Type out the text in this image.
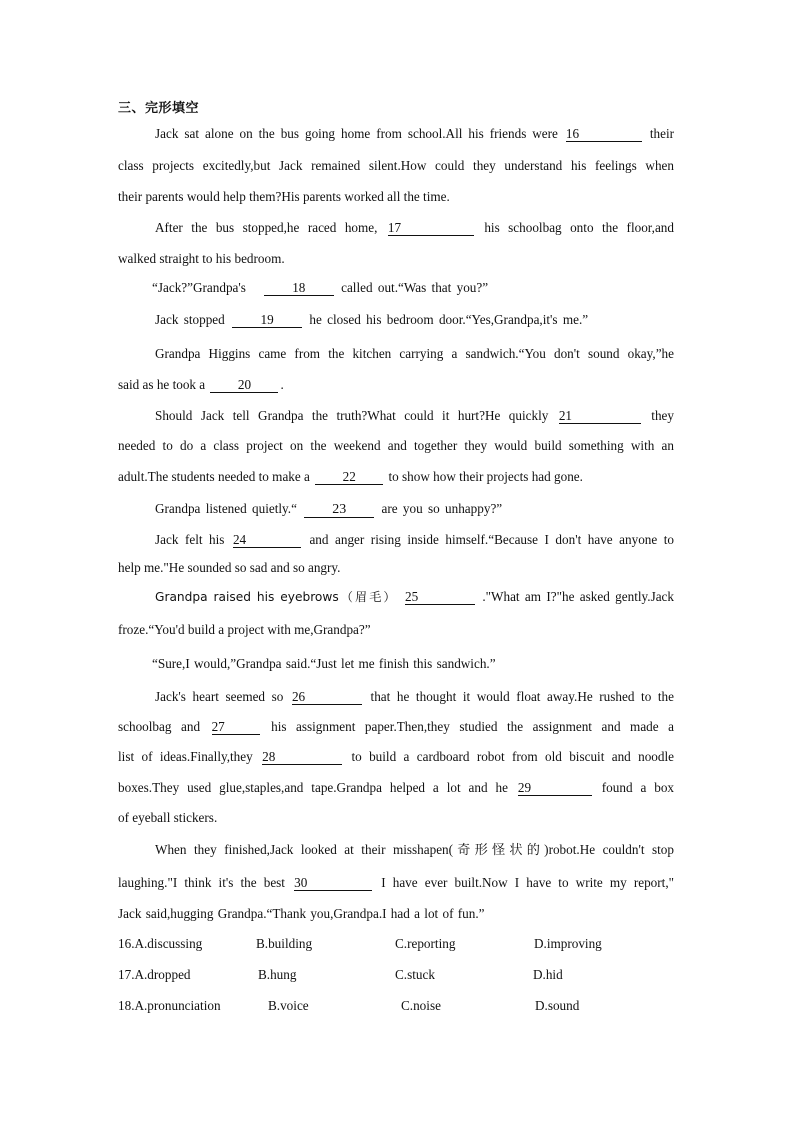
三、完形填空
Jack sat alone on the bus going home from school.All his friends were 16	their
class projects excitedly,but Jack remained silent.How could they understand his feelings when
their parents would help them?His parents worked all the time.
After the bus stopped,he raced home, 17	his schoolbag onto the floor,and
walked straight to his bedroom.
“Jack?”Grandpa's	18	called out.“Was that you?”
Jack stopped	19	he closed his bedroom door.“Yes,Grandpa,it's me.”
Grandpa Higgins came from the kitchen carrying a sandwich.“You don't sound okay,”he
said as he took a 20 .
Should Jack tell Grandpa the truth?What could it hurt?He quickly 21	they
needed to do a class project on the weekend and together they would build something with an
adult.The students needed to make a 22 to show how their projects had gone.
Grandpa listened quietly.“	23	are you so unhappy?”
Jack felt his 24	and anger rising inside himself.“Because I don't have anyone to
help me."He sounded so sad and so angry.
Grandpa raised his eyebrows（眉毛） 25	."What am I?"he asked gently.Jack
froze.“You'd build a project with me,Grandpa?”
“Sure,I would,”Grandpa said.“Just let me finish this sandwich.”
Jack's heart seemed so 26	that he thought it would float away.He rushed to the
schoolbag and 27	his assignment paper.Then,they studied the assignment and made a
list of ideas.Finally,they 28	to build a cardboard robot from old biscuit and noodle
boxes.They used glue,staples,and tape.Grandpa helped a lot and he 29	found a box
of eyeball stickers.
When they finished,Jack looked at their misshapen(奇形怪状的)robot.He couldn't stop
laughing."I think it's the best 30	I have ever built.Now I have to write my report,"
Jack said,hugging Grandpa.“Thank you,Grandpa.I had a lot of fun.”
16.A.discussing	B.building	C.reporting	D.improving
17.A.dropped	B.hung	C.stuck	D.hid
18.A.pronunciation	B.voice	C.noise	D.sound
